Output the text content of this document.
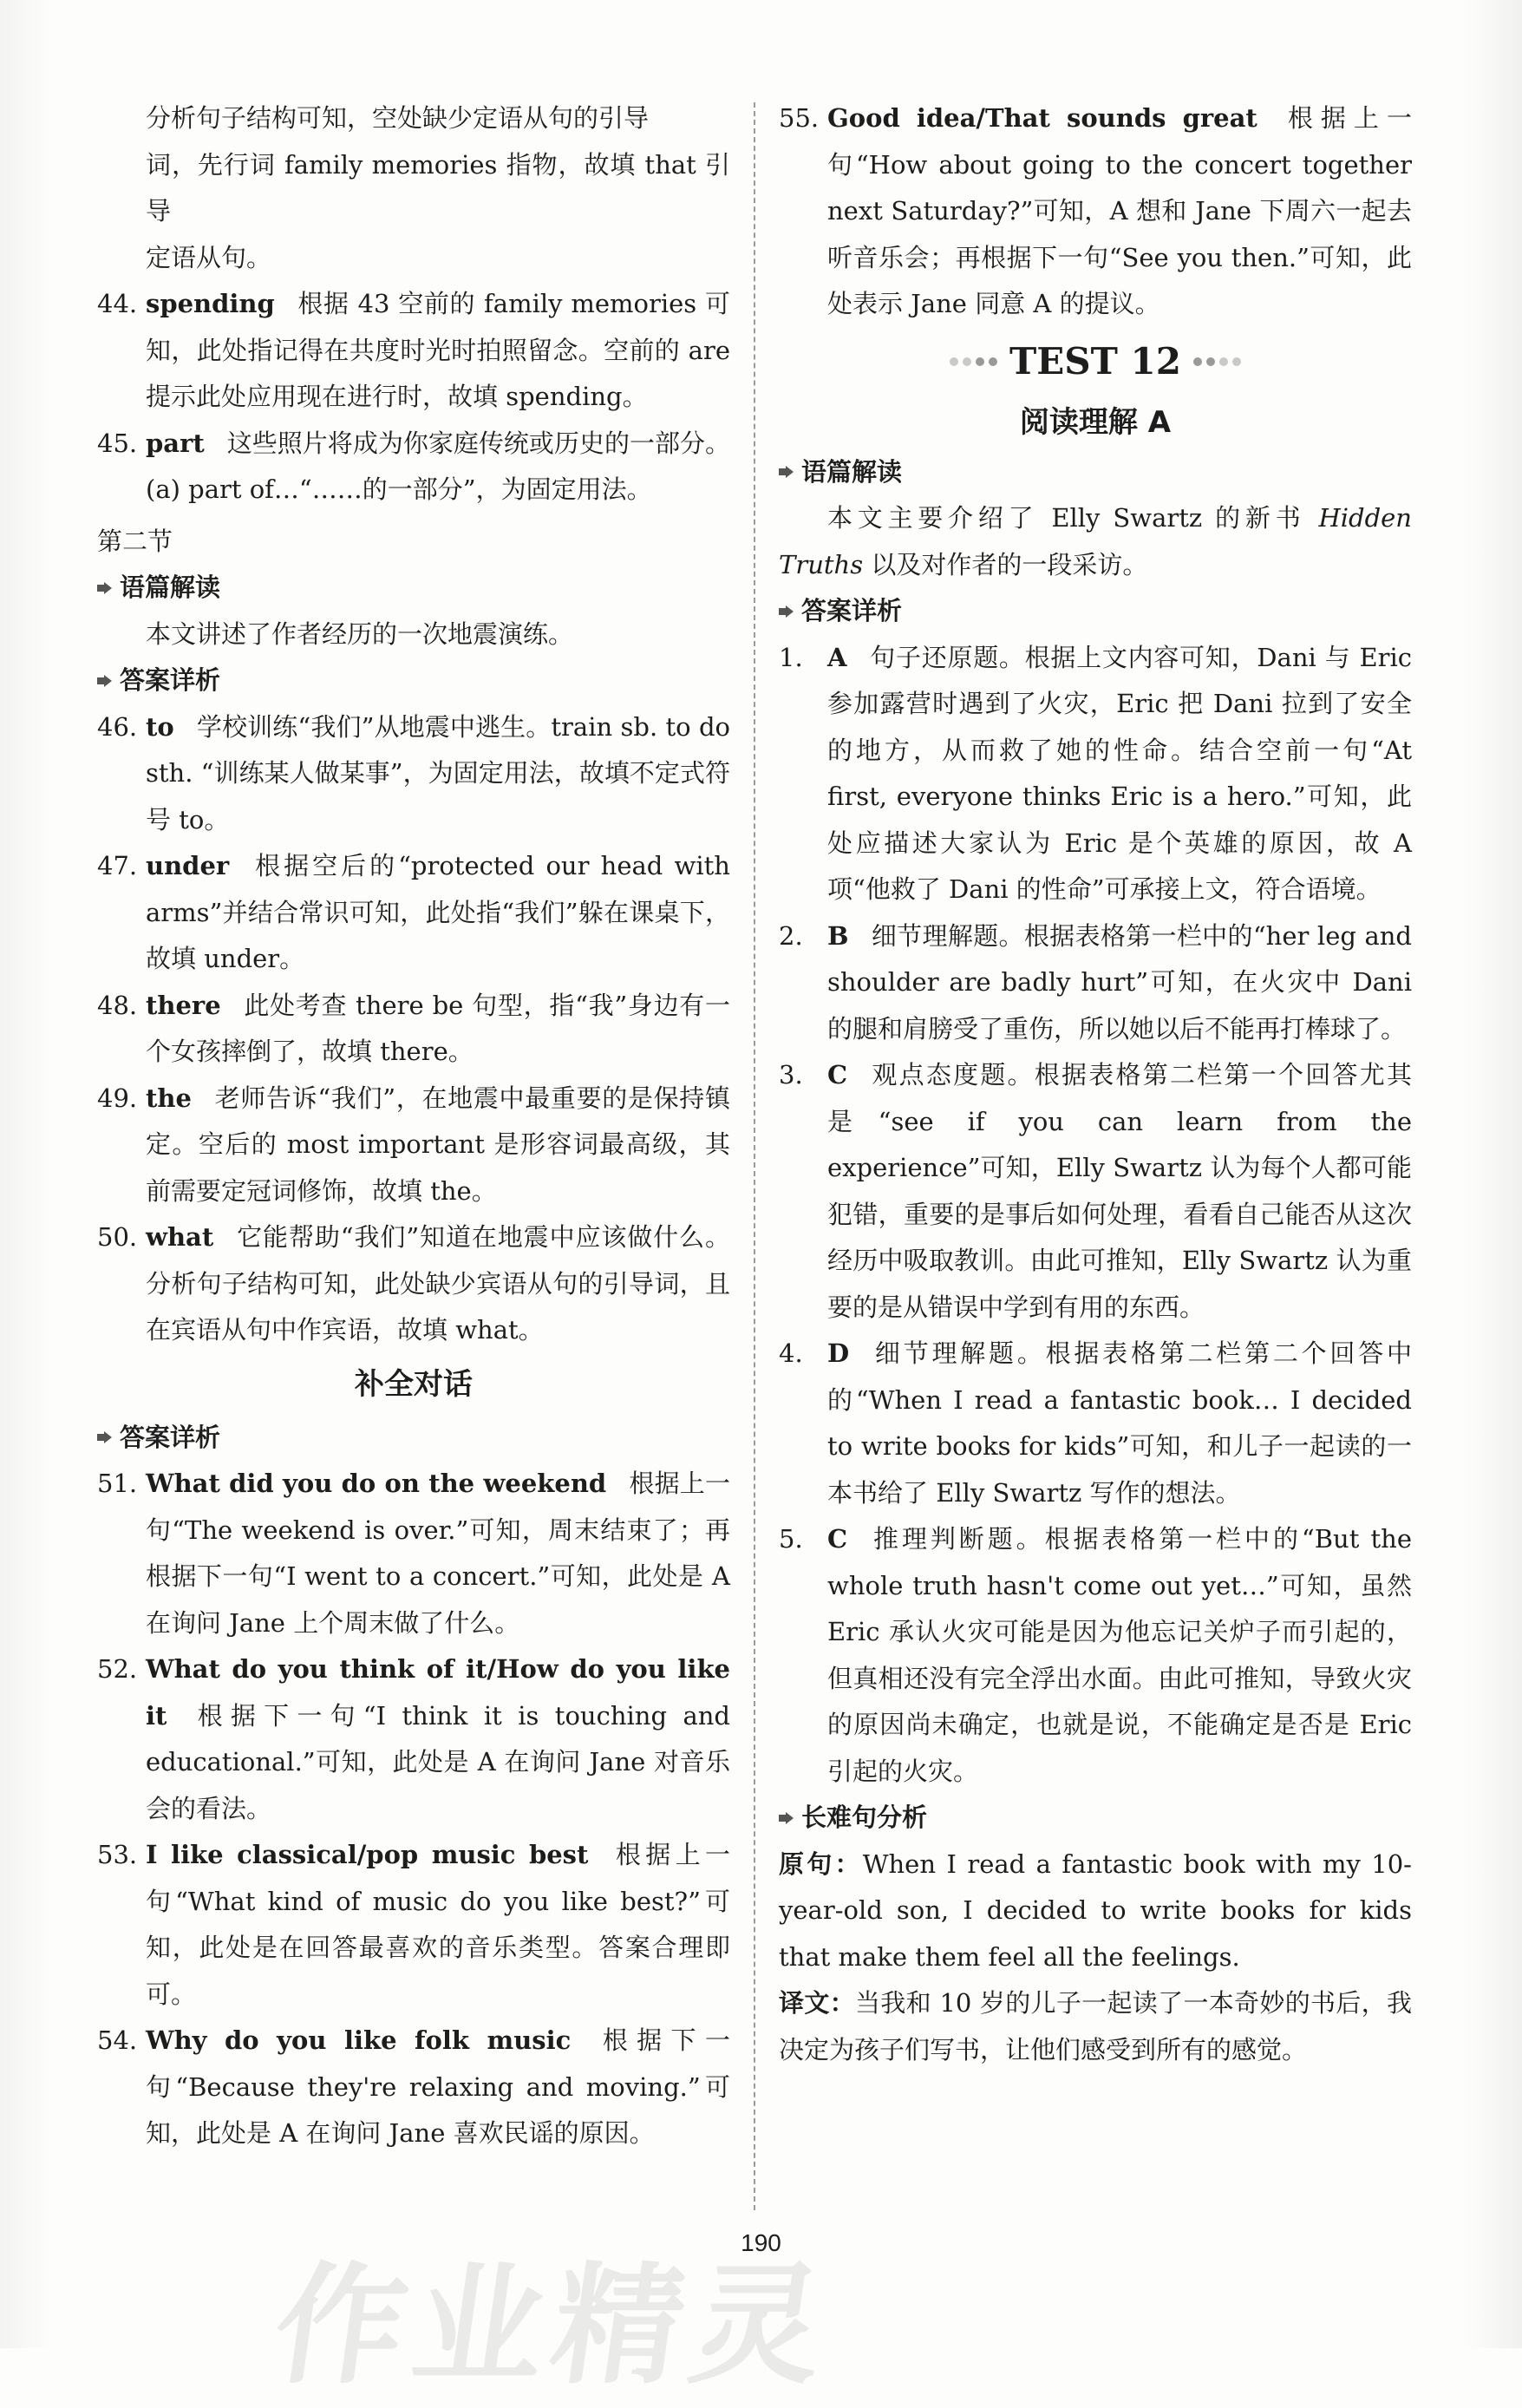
分析句子结构可知，空处缺少定语从句的引导
词，先行词 family memories 指物，故填 that 引导
定语从句。
44. spending 根据 43 空前的 family memories 可知，此处指记得在共度时光时拍照留念。空前的 are 提示此处应用现在进行时，故填 spending。
45. part 这些照片将成为你家庭传统或历史的一部分。(a) part of…“……的一部分”，为固定用法。
第二节
语篇解读
本文讲述了作者经历的一次地震演练。
答案详析
46. to 学校训练“我们”从地震中逃生。train sb. to do sth. “训练某人做某事”，为固定用法，故填不定式符号 to。
47. under 根据空后的“protected our head with arms”并结合常识可知，此处指“我们”躲在课桌下，故填 under。
48. there 此处考查 there be 句型，指“我”身边有一个女孩摔倒了，故填 there。
49. the 老师告诉“我们”，在地震中最重要的是保持镇定。空后的 most important 是形容词最高级，其前需要定冠词修饰，故填 the。
50. what 它能帮助“我们”知道在地震中应该做什么。分析句子结构可知，此处缺少宾语从句的引导词，且在宾语从句中作宾语，故填 what。
补全对话
答案详析
51. What did you do on the weekend 根据上一句“The weekend is over.”可知，周末结束了；再根据下一句“I went to a concert.”可知，此处是 A 在询问 Jane 上个周末做了什么。
52. What do you think of it/How do you like it 根据下一句“I think it is touching and educational.”可知，此处是 A 在询问 Jane 对音乐会的看法。
53. I like classical/pop music best 根据上一句“What kind of music do you like best?”可知，此处是在回答最喜欢的音乐类型。答案合理即可。
54. Why do you like folk music 根据下一句“Because they're relaxing and moving.”可知，此处是 A 在询问 Jane 喜欢民谣的原因。
55. Good idea/That sounds great 根据上一句“How about going to the concert together next Saturday?”可知，A 想和 Jane 下周六一起去听音乐会；再根据下一句“See you then.”可知，此处表示 Jane 同意 A 的提议。
TEST 12
阅读理解 A
语篇解读
本文主要介绍了 Elly Swartz 的新书 Hidden Truths 以及对作者的一段采访。
答案详析
1. A 句子还原题。根据上文内容可知，Dani 与 Eric 参加露营时遇到了火灾，Eric 把 Dani 拉到了安全的地方，从而救了她的性命。结合空前一句“At first, everyone thinks Eric is a hero.”可知，此处应描述大家认为 Eric 是个英雄的原因，故 A 项“他救了 Dani 的性命”可承接上文，符合语境。
2. B 细节理解题。根据表格第一栏中的“her leg and shoulder are badly hurt”可知，在火灾中 Dani 的腿和肩膀受了重伤，所以她以后不能再打棒球了。
3. C 观点态度题。根据表格第二栏第一个回答尤其是“see if you can learn from the experience”可知，Elly Swartz 认为每个人都可能犯错，重要的是事后如何处理，看看自己能否从这次经历中吸取教训。由此可推知，Elly Swartz 认为重要的是从错误中学到有用的东西。
4. D 细节理解题。根据表格第二栏第二个回答中的“When I read a fantastic book… I decided to write books for kids”可知，和儿子一起读的一本书给了 Elly Swartz 写作的想法。
5. C 推理判断题。根据表格第一栏中的“But the whole truth hasn't come out yet…”可知，虽然 Eric 承认火灾可能是因为他忘记关炉子而引起的，但真相还没有完全浮出水面。由此可推知，导致火灾的原因尚未确定，也就是说，不能确定是否是 Eric 引起的火灾。
长难句分析
原句：When I read a fantastic book with my 10-year-old son, I decided to write books for kids that make them feel all the feelings.
译文：当我和 10 岁的儿子一起读了一本奇妙的书后，我决定为孩子们写书，让他们感受到所有的感觉。
190
作业精灵
